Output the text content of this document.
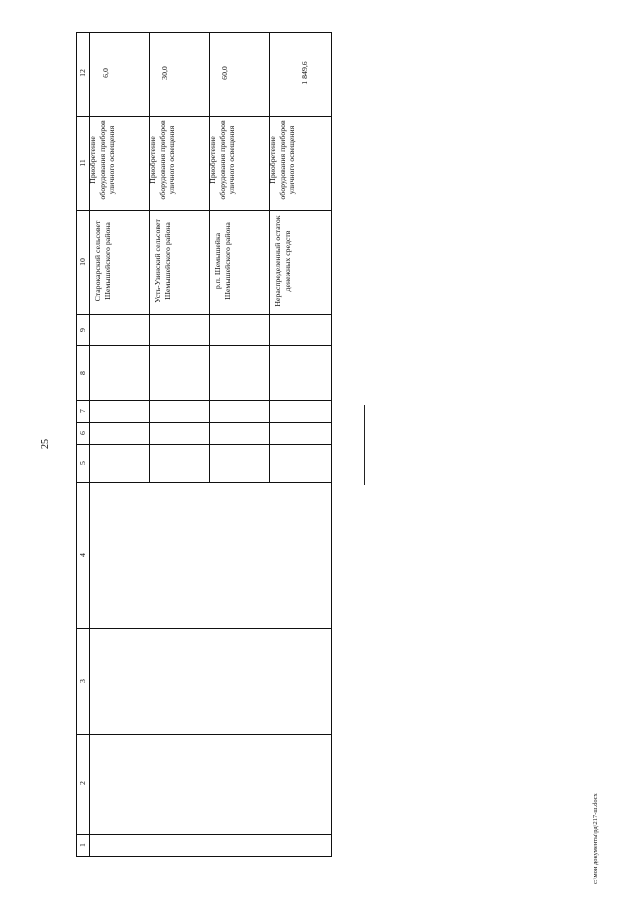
25
12
11
10
9
8
7
6
5
4
3
2
1
6,0
Приобретение оборудования приборов уличного освещения
Старокарский сельсовет Шемышейского района
30,0
Приобретение оборудования приборов уличного освещения
Усть-Узинский сельсовет Шемышейского района
60,0
Приобретение оборудования приборов уличного освещения
р.п. Шемышейка Шемышейского района
1 849,6
Приобретение оборудования приборов уличного освещения
Нераспределенный остаток денежных средств
c:\мои документы\рд\217-ш.docx
